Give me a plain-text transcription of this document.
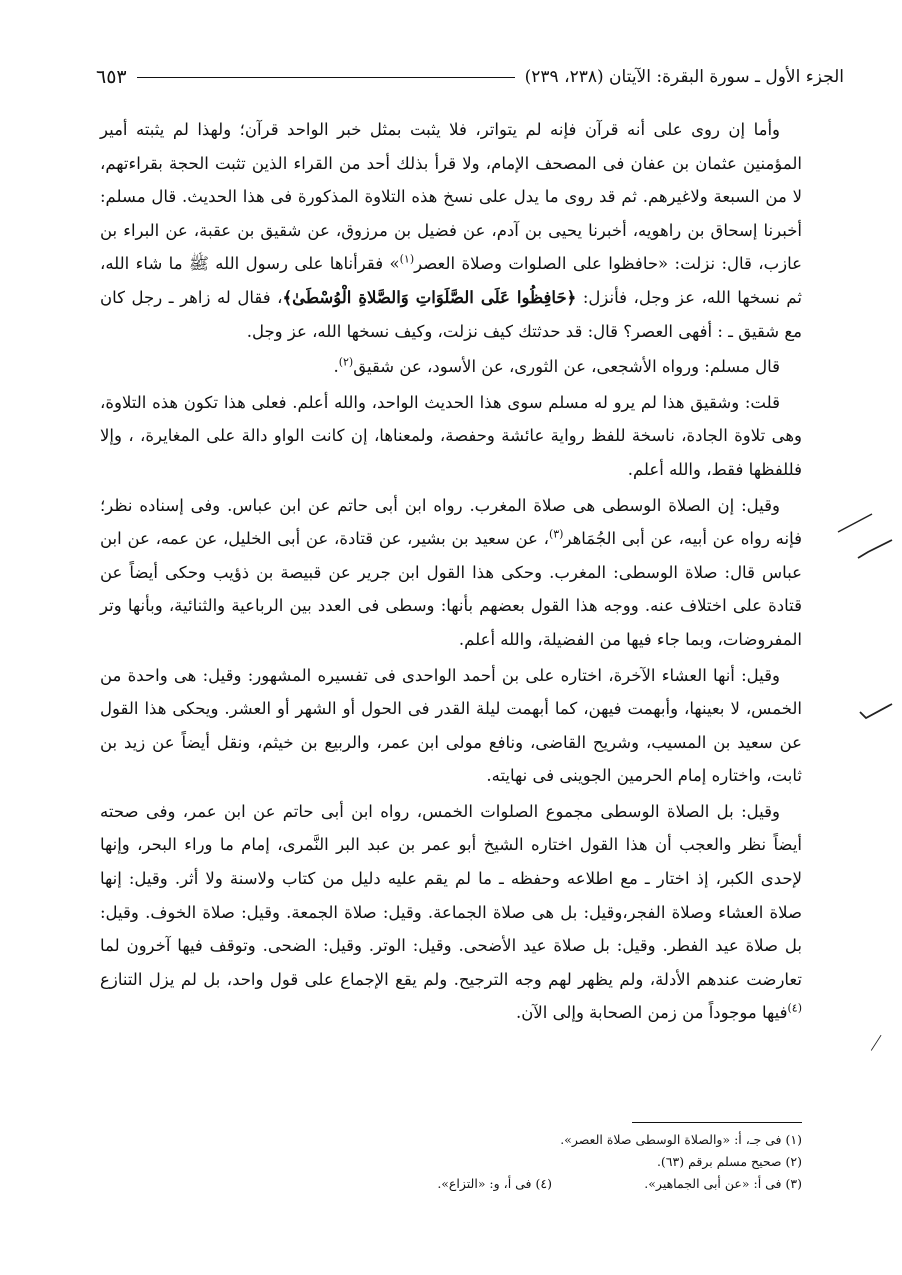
الجزء الأول ـ سورة البقرة: الآيتان (٢٣٨، ٢٣٩)
٦٥٣

وأما إن روى على أنه قرآن فإنه لم يتواتر، فلا يثبت بمثل خبر الواحد قرآن؛ ولهذا لم يثبته أمير المؤمنين عثمان بن عفان فى المصحف الإمام، ولا قرأ بذلك أحد من القراء الذين تثبت الحجة بقراءتهم، لا من السبعة ولاغيرهم. ثم قد روى ما يدل على نسخ هذه التلاوة المذكورة فى هذا الحديث. قال مسلم: أخبرنا إسحاق بن راهويه، أخبرنا يحيى بن آدم، عن فضيل بن مرزوق، عن شقيق بن عقبة، عن البراء بن عازب، قال: نزلت: «حافظوا على الصلوات وصلاة العصر$^{(١)}$» فقرأناها على رسول الله ﷺ ما شاء الله، ثم نسخها الله، عز وجل، فأنزل: ﴿حَافِظُوا عَلَى الصَّلَوَاتِ وَالصَّلاةِ الْوُسْطَىٰ﴾، فقال له زاهر ـ رجل كان مع شقيق ـ : أفهى العصر؟ قال: قد حدثتك كيف نزلت، وكيف نسخها الله، عز وجل.

قال مسلم: ورواه الأشجعى، عن الثورى، عن الأسود، عن شقيق$^{(٢)}$.

قلت: وشقيق هذا لم يرو له مسلم سوى هذا الحديث الواحد، والله أعلم. فعلى هذا تكون هذه التلاوة، وهى تلاوة الجادة، ناسخة للفظ رواية عائشة وحفصة، ولمعناها، إن كانت الواو دالة على المغايرة، ، وإلا فللفظها فقط، والله أعلم.

وقيل: إن الصلاة الوسطى هى صلاة المغرب. رواه ابن أبى حاتم عن ابن عباس. وفى إسناده نظر؛ فإنه رواه عن أبيه، عن أبى الجُمَاهر$^{(٣)}$، عن سعيد بن بشير، عن قتادة، عن أبى الخليل، عن عمه، عن ابن عباس قال: صلاة الوسطى: المغرب. وحكى هذا القول ابن جرير عن قبيصة بن ذؤيب وحكى أيضاً عن قتادة على اختلاف عنه. ووجه هذا القول بعضهم بأنها: وسطى فى العدد بين الرباعية والثنائية، وبأنها وتر المفروضات، وبما جاء فيها من الفضيلة، والله أعلم.

وقيل: أنها العشاء الآخرة، اختاره على بن أحمد الواحدى فى تفسيره المشهور: وقيل: هى واحدة من الخمس، لا بعينها، وأبهمت فيهن، كما أبهمت ليلة القدر فى الحول أو الشهر أو العشر. ويحكى هذا القول عن سعيد بن المسيب، وشريح القاضى، ونافع مولى ابن عمر، والربيع بن خيثم، ونقل أيضاً عن زيد بن ثابت، واختاره إمام الحرمين الجوينى فى نهايته.

وقيل: بل الصلاة الوسطى مجموع الصلوات الخمس، رواه ابن أبى حاتم عن ابن عمر، وفى صحته أيضاً نظر والعجب أن هذا القول اختاره الشيخ أبو عمر بن عبد البر النَّمرى، إمام ما وراء البحر، وإنها لإحدى الكبر، إذ اختار ـ مع اطلاعه وحفظه ـ ما لم يقم عليه دليل من كتاب ولاسنة ولا أثر. وقيل: إنها صلاة العشاء وصلاة الفجر،وقيل: بل هى صلاة الجماعة. وقيل: صلاة الجمعة. وقيل: صلاة الخوف. وقيل: بل صلاة عيد الفطر. وقيل: بل صلاة عيد الأضحى. وقيل: الوتر. وقيل: الضحى. وتوقف فيها آخرون لما تعارضت عندهم الأدلة، ولم يظهر لهم وجه الترجيح. ولم يقع الإجماع على قول واحد، بل لم يزل التنازع $^{(٤)}$فيها موجوداً من زمن الصحابة وإلى الآن.

(١) فى جـ، أ: «والصلاة الوسطى صلاة العصر».
(٢) صحيح مسلم برقم (٦٣).
(٣) فى أ: «عن أبى الجماهير».
(٤) فى أ، و: «التزاع».
